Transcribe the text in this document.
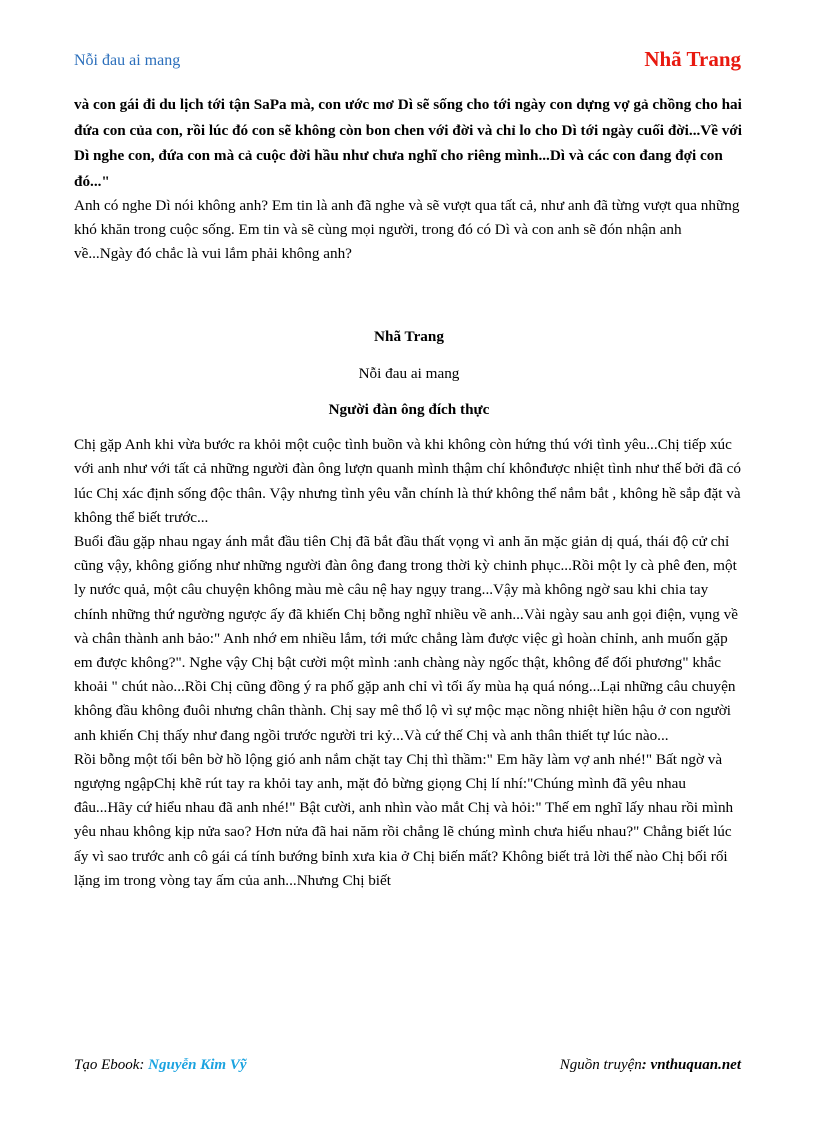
Nỗi đau ai mang	Nhã Trang

và con gái đi du lịch tới tận SaPa mà, con ước mơ Dì sẽ sống cho tới ngày con dựng vợ gả chồng cho hai đứa con của con, rồi lúc đó con sẽ không còn bon chen với đời và chỉ lo cho Dì tới ngày cuối đời...Về với Dì nghe con, đứa con mà cả cuộc đời hầu như chưa nghĩ cho riêng mình...Dì và các con đang đợi con đó..."

Anh có nghe Dì nói không anh? Em tin là anh đã nghe và sẽ vượt qua tất cả, như anh đã từng vượt qua những khó khăn trong cuộc sống. Em tin và sẽ cùng mọi người, trong đó có Dì và con anh sẽ đón nhận anh về...Ngày đó chắc là vui lắm phải không anh?

Nhã Trang

Nỗi đau ai mang

Người đàn ông đích thực

Chị gặp Anh khi vừa bước ra khỏi một cuộc tình buồn và khi không còn hứng thú với tình yêu...Chị tiếp xúc với anh như với tất cả những người đàn ông lượn quanh mình thậm chí khônđược nhiệt tình như thế bởi đã có lúc Chị xác định sống độc thân. Vậy nhưng tình yêu vẫn chính là thứ không thể nắm bắt , không hề sắp đặt và không thể biết trước...

Buổi đầu gặp nhau ngay ánh mắt đầu tiên Chị đã bắt đầu thất vọng vì anh ăn mặc giản dị quá, thái độ cử chỉ cũng vậy, không giống như những người đàn ông đang trong thời kỳ chinh phục...Rồi một ly cà phê đen, một ly nước quả, một câu chuyện không màu mè câu nệ hay ngụy trang...Vậy mà không ngờ sau khi chia tay chính những thứ ngường ngược ấy đã khiến Chị bỗng nghĩ nhiều về anh...Vài ngày sau anh gọi điện, vụng về và chân thành anh bảo:" Anh nhớ em nhiều lắm, tới mức chẳng làm được việc gì hoàn chỉnh, anh muốn gặp em được không?". Nghe vậy Chị bật cười một mình :anh chàng này ngốc thật, không để đối phương" khắc khoải " chút nào...Rồi Chị cũng đồng ý ra phố gặp anh chỉ vì tối ấy mùa hạ quá nóng...Lại những câu chuyện không đầu không đuôi nhưng chân thành. Chị say mê thổ lộ vì sự mộc mạc nồng nhiệt hiền hậu ở con người anh khiến Chị thấy như đang ngồi trước người tri kỷ...Và cứ thế Chị và anh thân thiết tự lúc nào...

Rồi bỗng một tối bên bờ hồ lộng gió anh nắm chặt tay Chị thì thầm:" Em hãy làm vợ anh nhé!" Bất ngờ và ngượng ngậpChị khẽ rút tay ra khỏi tay anh, mặt đỏ bừng giọng Chị lí nhí:"Chúng mình đã yêu nhau đâu...Hãy cứ hiểu nhau đã anh nhé!" Bật cười, anh nhìn vào mắt Chị và hỏi:" Thế em nghĩ lấy nhau rồi mình yêu nhau không kịp nửa sao? Hơn nửa đã hai năm rồi chẳng lẽ chúng mình chưa hiểu nhau?" Chẳng biết lúc ấy vì sao trước anh cô gái cá tính bướng bỉnh xưa kia ở Chị biến mất? Không biết trả lời thế nào Chị bối rối lặng im trong vòng tay ấm của anh...Nhưng Chị biết

Tạo Ebook: Nguyễn Kim Vỹ	Nguồn truyện: vnthuquan.net
